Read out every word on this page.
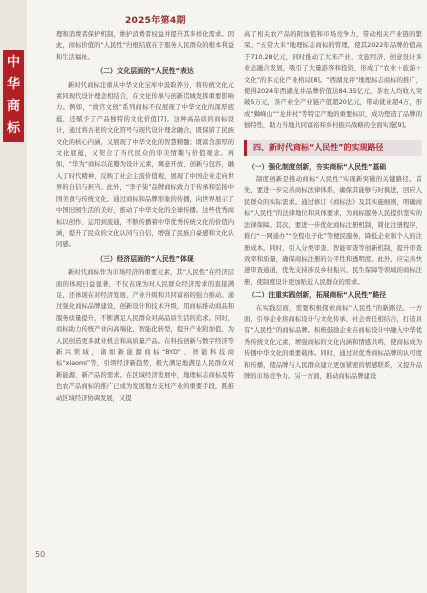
中华商标
2025年第4期

理和消费者保护机制，维护消费者权益并提升其多样化需求。因此，商标价值的“人民性”归根结底在于服务人民群众的根本利益和生活福祉。

（二）文化层面的“人民性”表达

新时代商标注重从中华文化宝库中汲取养分，将传统文化元素同现代设计理念相结合，在文化传承与创新贯城发挥重要影响力。例如，“故宫文创”系列商标不仅展现了中华文化的深厚底蕴，还赋予了产品独特的文化价值[7]。这种高品质的商标设计，通过将古老的文化符号与现代设计理念融合，既保留了民族文化的核心内涵，又展现了中华文化的智慧精髓；既富含深厚的文化底蕴，又契合了当代民众的审美情趣与价值观念。再如，“华为”商标以花瓣为设计元素，寓意开放、创新与包容，融入了时代精神，反映了社会主流价值观，展现了中国企业走向世界的自信与担当。此外，“李子柒”品牌商标致力于传承和弘扬中国美食与传统文化，通过商标和品牌形象的传播，向世界展示了中国田园生活的美好，推动了中华文化的全球传播。这些优秀商标以创作、运用到流通，不断传播着中华优秀传统文化的价值内涵，提升了民众的文化认同与自信，增强了民族自豪感和文化认同感。

（三）经济层面的“人民性”体现

新时代商标作为市场经济的重要元素，其“人民性”在经济层面的体现日益显著，不仅表现为对人民群众经济需求的直接满足，还体现在对经济发展、产业升级和共同富裕的强力推动。通过强化商标品牌建设、创新设计和技术升级，用商标推动商品和服务质量提升，不断满足人民群众对高品质生活的追求。同时，商标助力传统产业向高端化、智能化转型，提升产业附加值，为人民创造更多就业机会和高质量产品。在科技创新与数字经济等新兴领域，诸如新能源商标“BYD”、智能科技商标“xiaomi”等，引领经济新趋势，极大满足地满足人民群众对新能源、新产品的需求。在区域经济发展中，地理标志商标及特色农产品商标的推广已成为发展地方支柱产业的重要手段，既推动区域经济协调发展，又提

高了相关农产品的附加值和市场竞争力，带动相关产业链的繁荣。“五常大米”地理标志商标的管理，使其2022年品牌价值高于710.28亿元，同时推动了大米产业、文旅经济、创意设计多业态融合发展，吸引了大量游客和投资，形成了“农业＋旅游＋文化”的多元化产业格局[8]。“西湖龙井”地理标志商标的推广，使得2024年西湖龙井品牌价值达84.35亿元，茶农人均收入突破5万元，茶产业全产业链产值超20亿元，带动就业超4万，形成“狮峰山”“龙井村”等特定产地的重要标识，成功塑造了品牌的独特性，助力当地共同富裕和乡村振兴战略的全面实施[9]。

四、新时代商标“人民性”的实现路径
（一）强化制度创新，夯实商标“人民性”基础

制度创新是推动商标“人民性”实现新突破的关键路径。首先，要进一步完善商标法律体系，确保其能够与时俱进，回应人民群众的实际需求。通过修订《商标法》及其实施细则，明确商标“人民性”的法律地位和具体要求，为商标服务人民提供坚实的法律保障。其次，要进一步优化商标注册机制，简化注册程序，推行“一网通办”“全程电子化”等便民服务，降低企业和个人的注册成本。同时，引入分类审查、智能审查等创新机制，提升审查效率和质量，确保商标注册的公平性和透明度。此外，应完善快速审查通道，优先支持涉及乡村振兴、民生保障等领域的商标注册，使制度设计更加贴近人民群众的需求。

（二）注重实践创新，拓展商标“人民性”路径

在实践层面，需要积极探索商标“人民性”的新路径。一方面，引导企业将商标设计与文化传承、社会责任相结合，打造具有“人民性”的商标品牌。积极鼓励企业在商标设计中融入中华优秀传统文化元素，增强商标的文化内涵和情感共鸣，使商标成为传播中华文化的重要载体。同时，通过对优秀商标品牌的认可度和传播，使品牌与人民群众建立更加紧密的情感联系，又提升品牌的市场竞争力。另一方面，推动商标品牌建设

50
